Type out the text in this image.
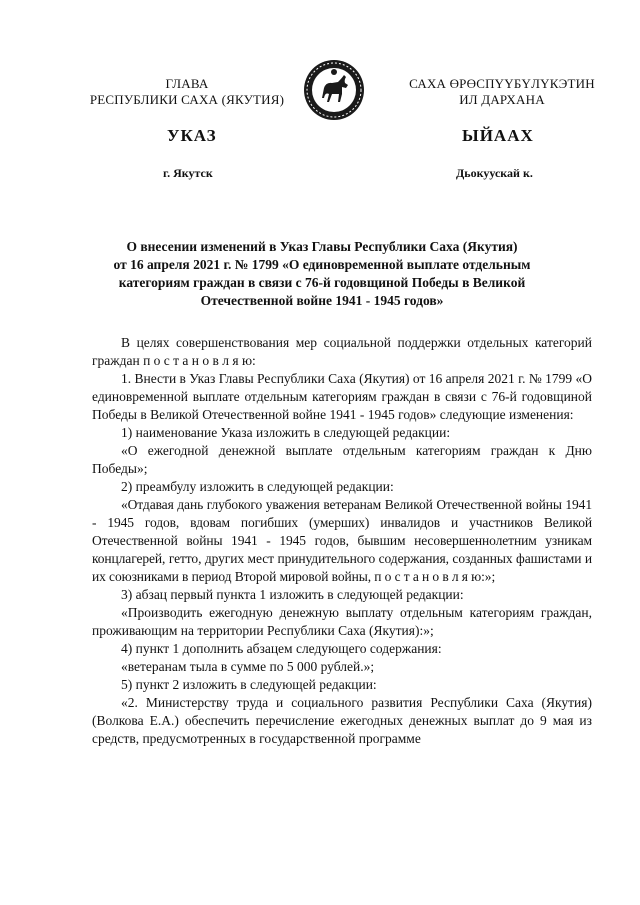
ГЛАВА
РЕСПУБЛИКИ САХА (ЯКУТИЯ)
САХА ӨРӨСПҮҮБҮЛҮКЭТИН
ИЛ ДАРХАНА
УКАЗ	ЫЙААХ
г. Якутск	Дьокуускай к.
О внесении изменений в Указ Главы Республики Саха (Якутия)
от 16 апреля 2021 г. № 1799 «О единовременной выплате отдельным
категориям граждан в связи с 76-й годовщиной Победы в Великой
Отечественной войне 1941 - 1945 годов»

В целях совершенствования мер социальной поддержки отдельных категорий граждан п о с т а н о в л я ю:

1. Внести в Указ Главы Республики Саха (Якутия) от 16 апреля 2021 г. № 1799 «О единовременной выплате отдельным категориям граждан в связи с 76-й годовщиной Победы в Великой Отечественной войне 1941 - 1945 годов» следующие изменения:

1) наименование Указа изложить в следующей редакции:

«О ежегодной денежной выплате отдельным категориям граждан к Дню Победы»;

2) преамбулу изложить в следующей редакции:

«Отдавая дань глубокого уважения ветеранам Великой Отечественной войны 1941 - 1945 годов, вдовам погибших (умерших) инвалидов и участников Великой Отечественной войны 1941 - 1945 годов, бывшим несовершеннолетним узникам концлагерей, гетто, других мест принудительного содержания, созданных фашистами и их союзниками в период Второй мировой войны, п о с т а н о в л я ю:»;

3) абзац первый пункта 1 изложить в следующей редакции:

«Производить ежегодную денежную выплату отдельным категориям граждан, проживающим на территории Республики Саха (Якутия):»;

4) пункт 1 дополнить абзацем следующего содержания:

«ветеранам тыла в сумме по 5 000 рублей.»;

5) пункт 2 изложить в следующей редакции:

«2. Министерству труда и социального развития Республики Саха (Якутия) (Волкова Е.А.) обеспечить перечисление ежегодных денежных выплат до 9 мая из средств, предусмотренных в государственной программе
